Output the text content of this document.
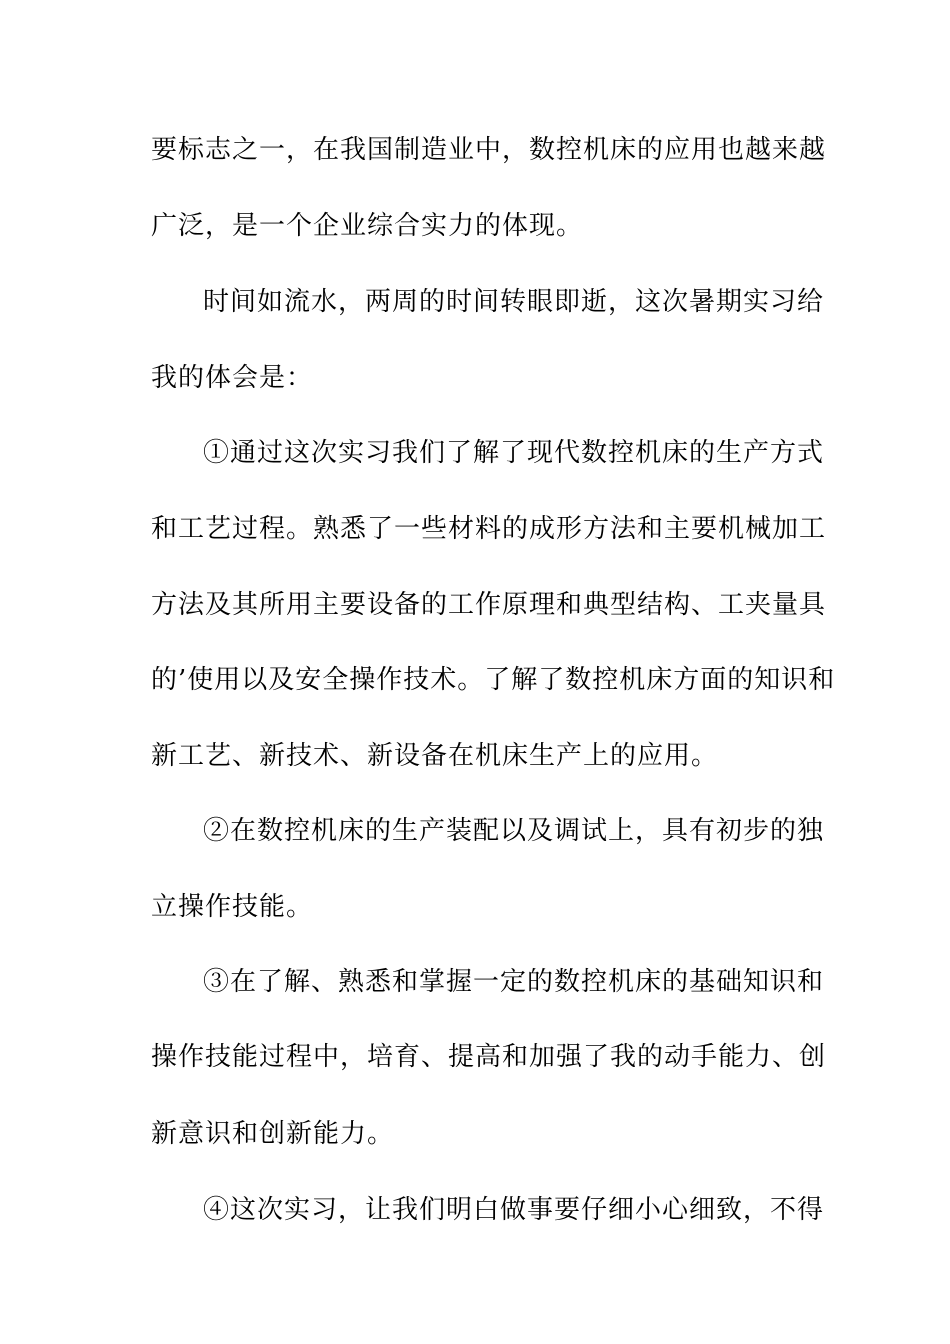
要标志之一，在我国制造业中，数控机床的应用也越来越
广泛，是一个企业综合实力的体现。
时间如流水，两周的时间转眼即逝，这次暑期实习给
我的体会是：
①通过这次实习我们了解了现代数控机床的生产方式
和工艺过程。熟悉了一些材料的成形方法和主要机械加工
方法及其所用主要设备的工作原理和典型结构、工夹量具
的’使用以及安全操作技术。了解了数控机床方面的知识和
新工艺、新技术、新设备在机床生产上的应用。
②在数控机床的生产装配以及调试上，具有初步的独
立操作技能。
③在了解、熟悉和掌握一定的数控机床的基础知识和
操作技能过程中，培育、提高和加强了我的动手能力、创
新意识和创新能力。
④这次实习，让我们明白做事要仔细小心细致，不得
